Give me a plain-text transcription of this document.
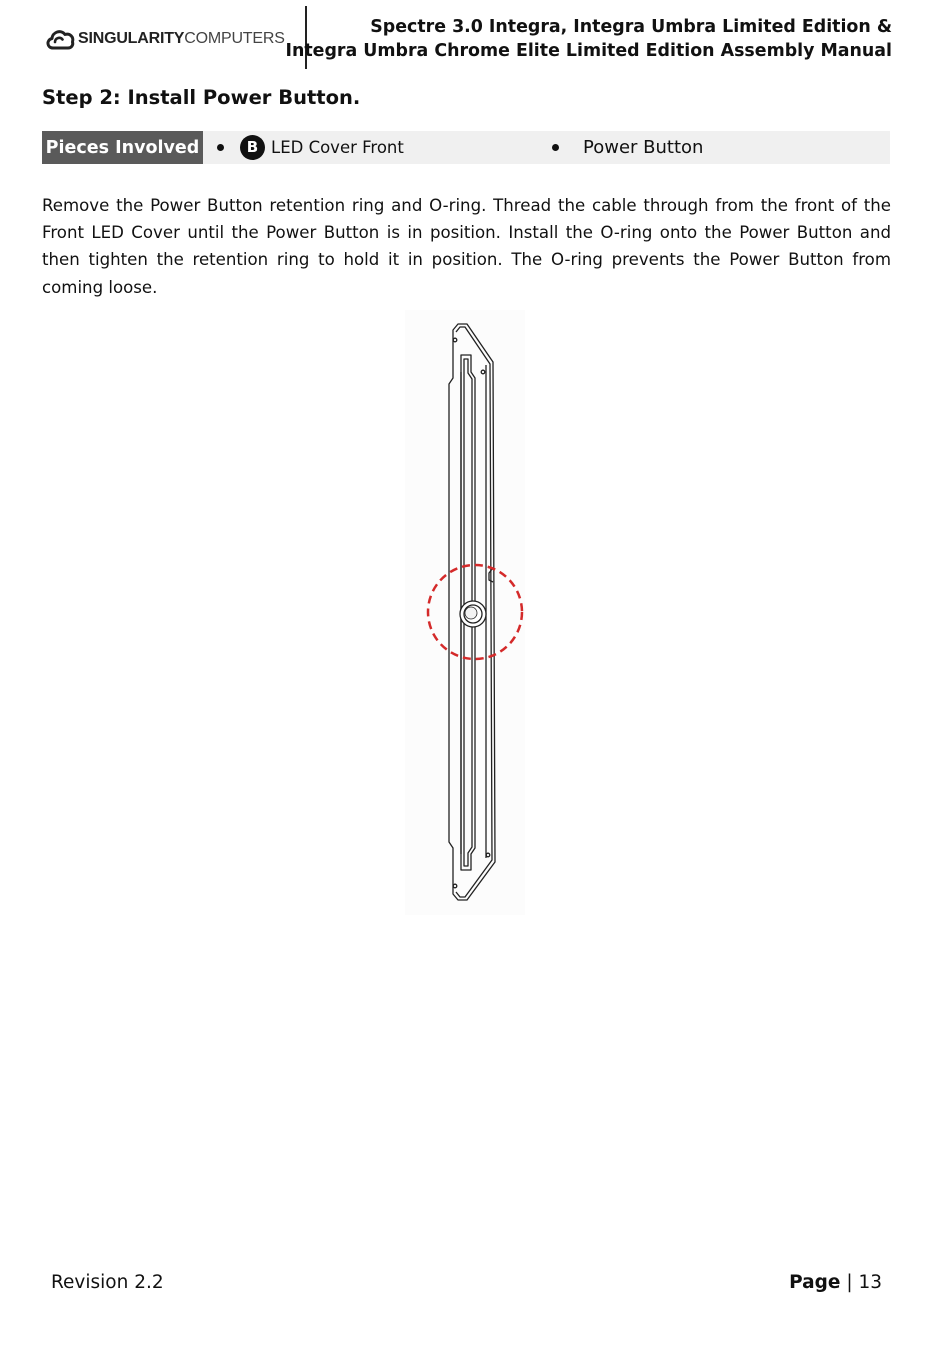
SINGULARITYCOMPUTERS
Spectre 3.0 Integra, Integra Umbra Limited Edition &
Integra Umbra Chrome Elite Limited Edition Assembly Manual
Step 2: Install Power Button.
Pieces Involved	B LED Cover Front	Power Button

Remove the Power Button retention ring and O-ring. Thread the cable through from the front of the Front LED Cover until the Power Button is in position. Install the O-ring onto the Power Button and then tighten the retention ring to hold it in position. The O-ring prevents the Power Button from coming loose.

Revision 2.2	Page | 13
